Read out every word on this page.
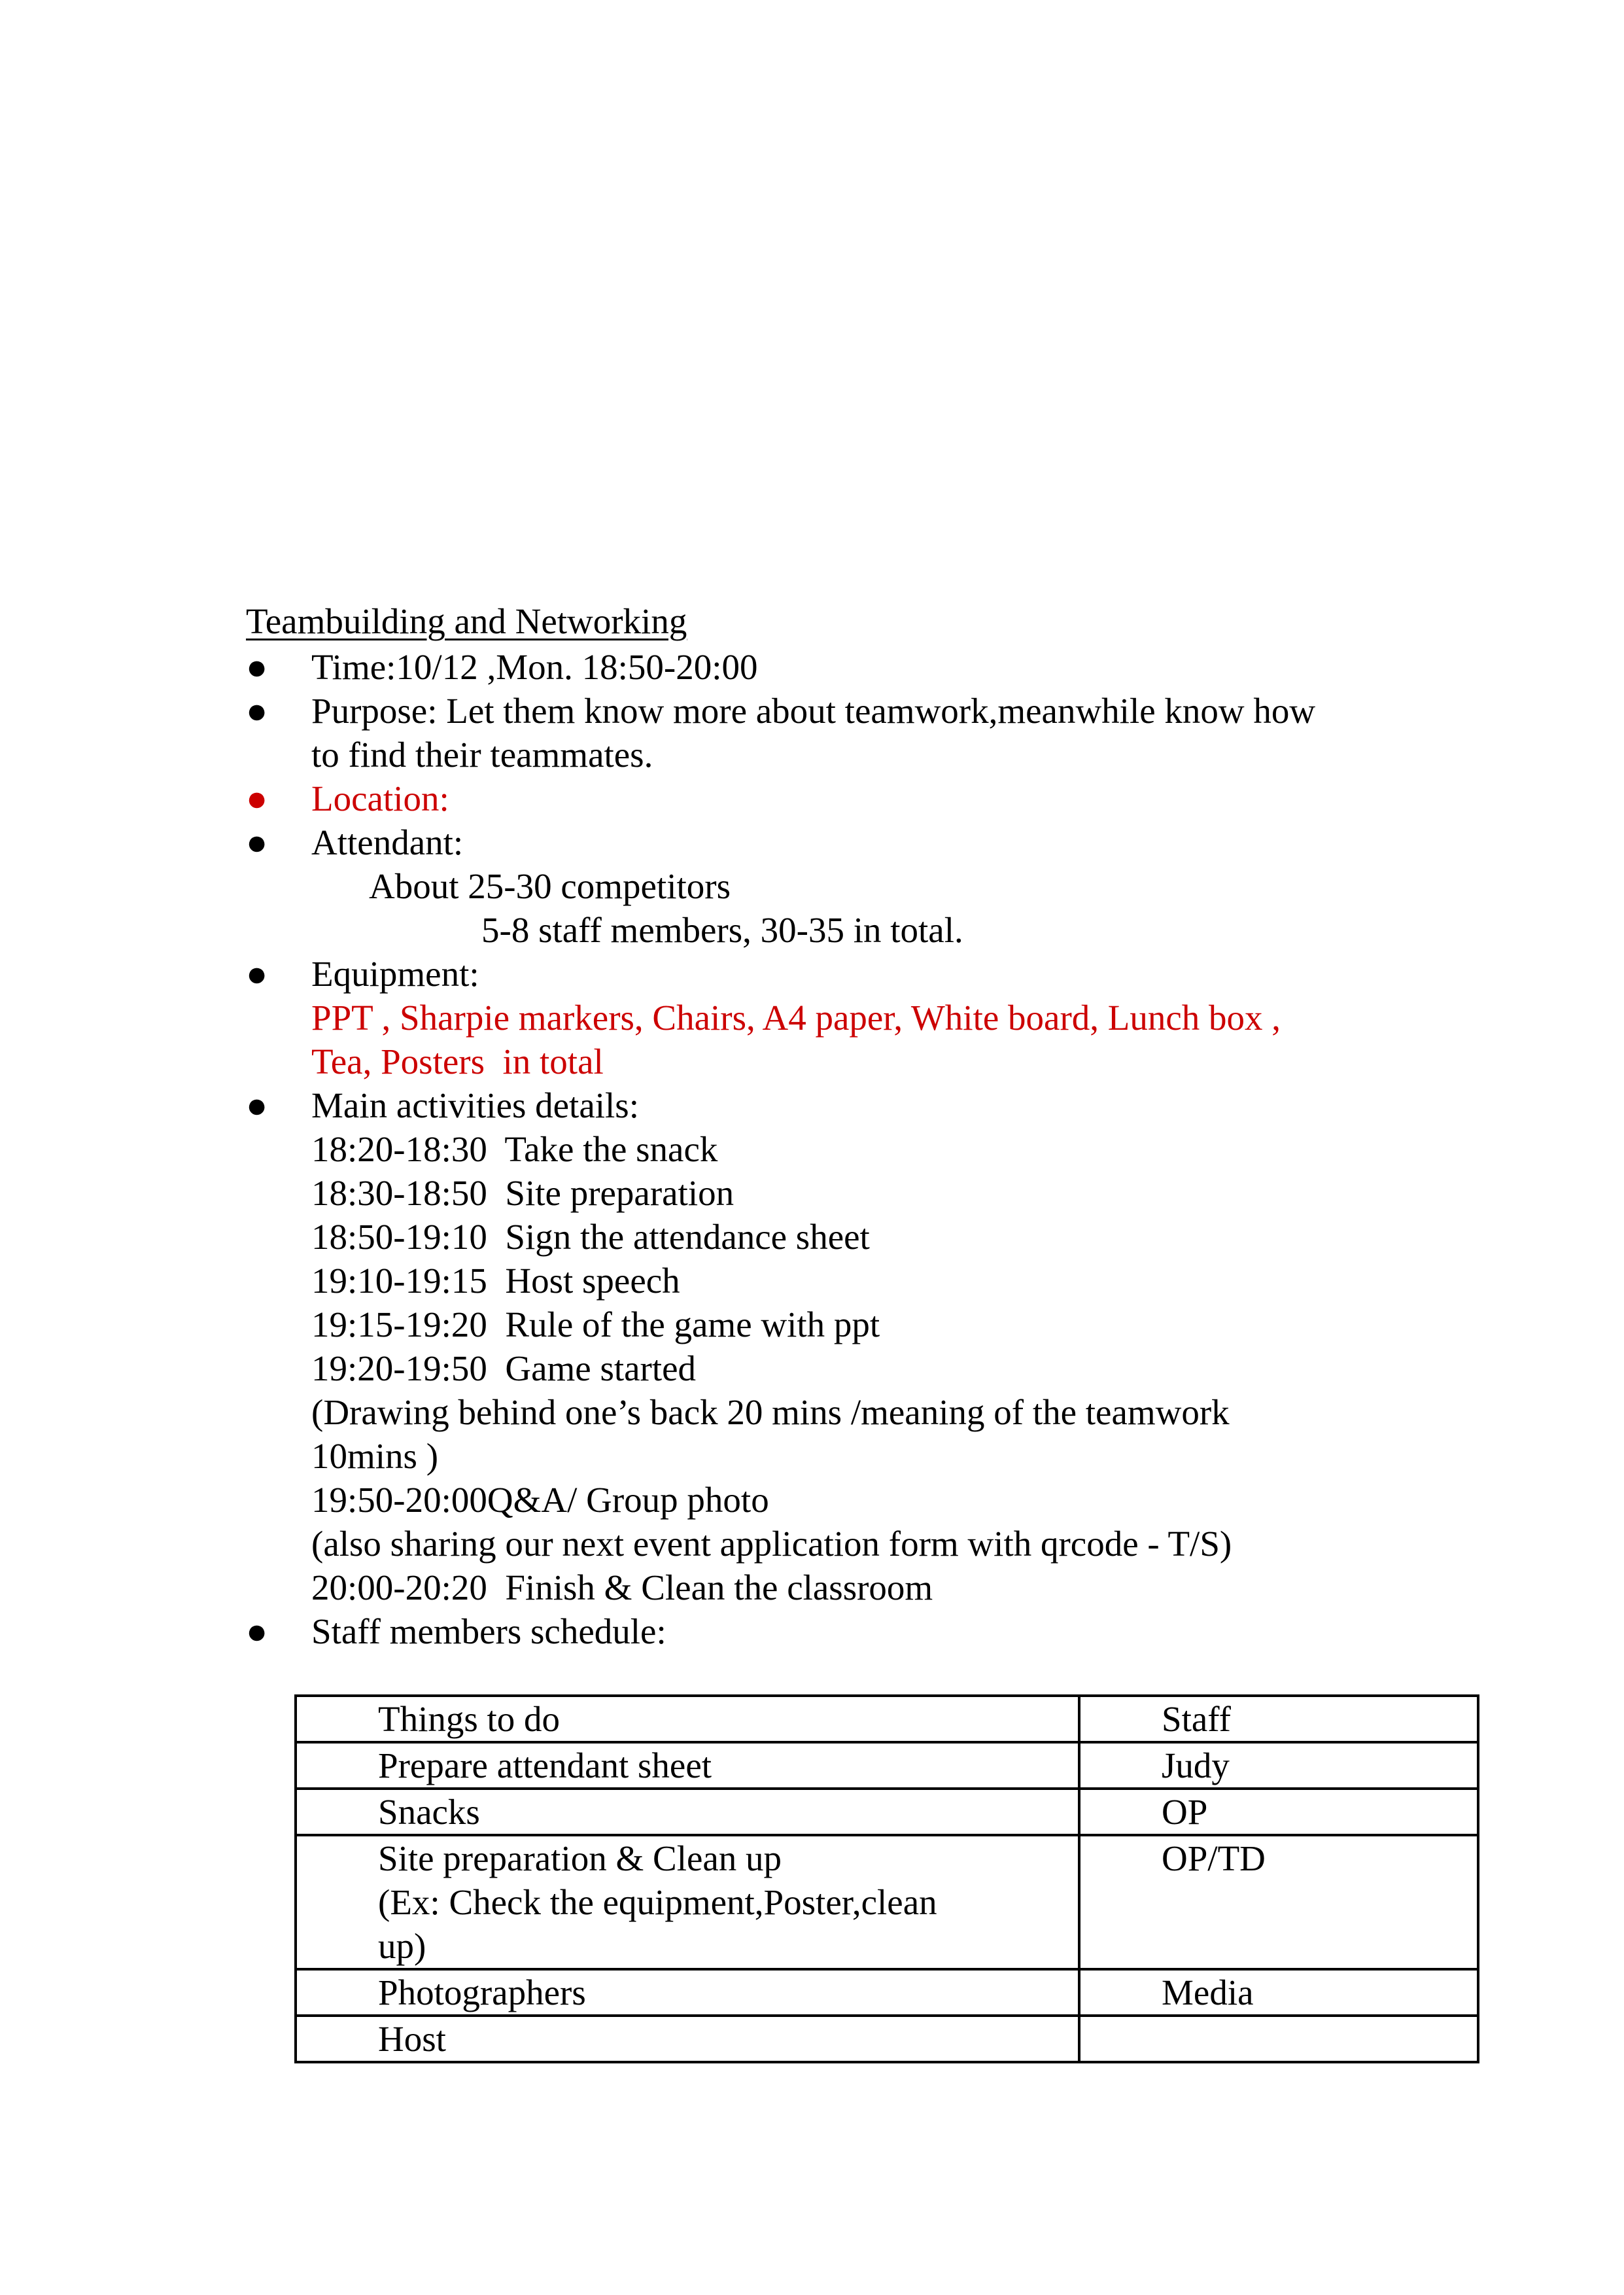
Teambuilding and Networking
● Time:10/12 ,Mon. 18:50-20:00
● Purpose: Let them know more about teamwork,meanwhile know how
to find their teammates.
● Location:
● Attendant:
About 25-30 competitors
5-8 staff members, 30-35 in total.
● Equipment:
PPT , Sharpie markers, Chairs, A4 paper, White board, Lunch box ,
Tea, Posters  in total
● Main activities details:
18:20-18:30  Take the snack
18:30-18:50  Site preparation
18:50-19:10  Sign the attendance sheet
19:10-19:15  Host speech
19:15-19:20  Rule of the game with ppt
19:20-19:50  Game started
(Drawing behind one’s back 20 mins /meaning of the teamwork
10mins )
19:50-20:00Q&A/ Group photo
(also sharing our next event application form with qrcode - T/S)
20:00-20:20  Finish & Clean the classroom
● Staff members schedule:
Things to do	Staff

Prepare attendant sheet	Judy

Snacks	OP

Site preparation & Clean up
(Ex: Check the equipment,Poster,clean
up)	OP/TD

Photographers	Media

Host	
